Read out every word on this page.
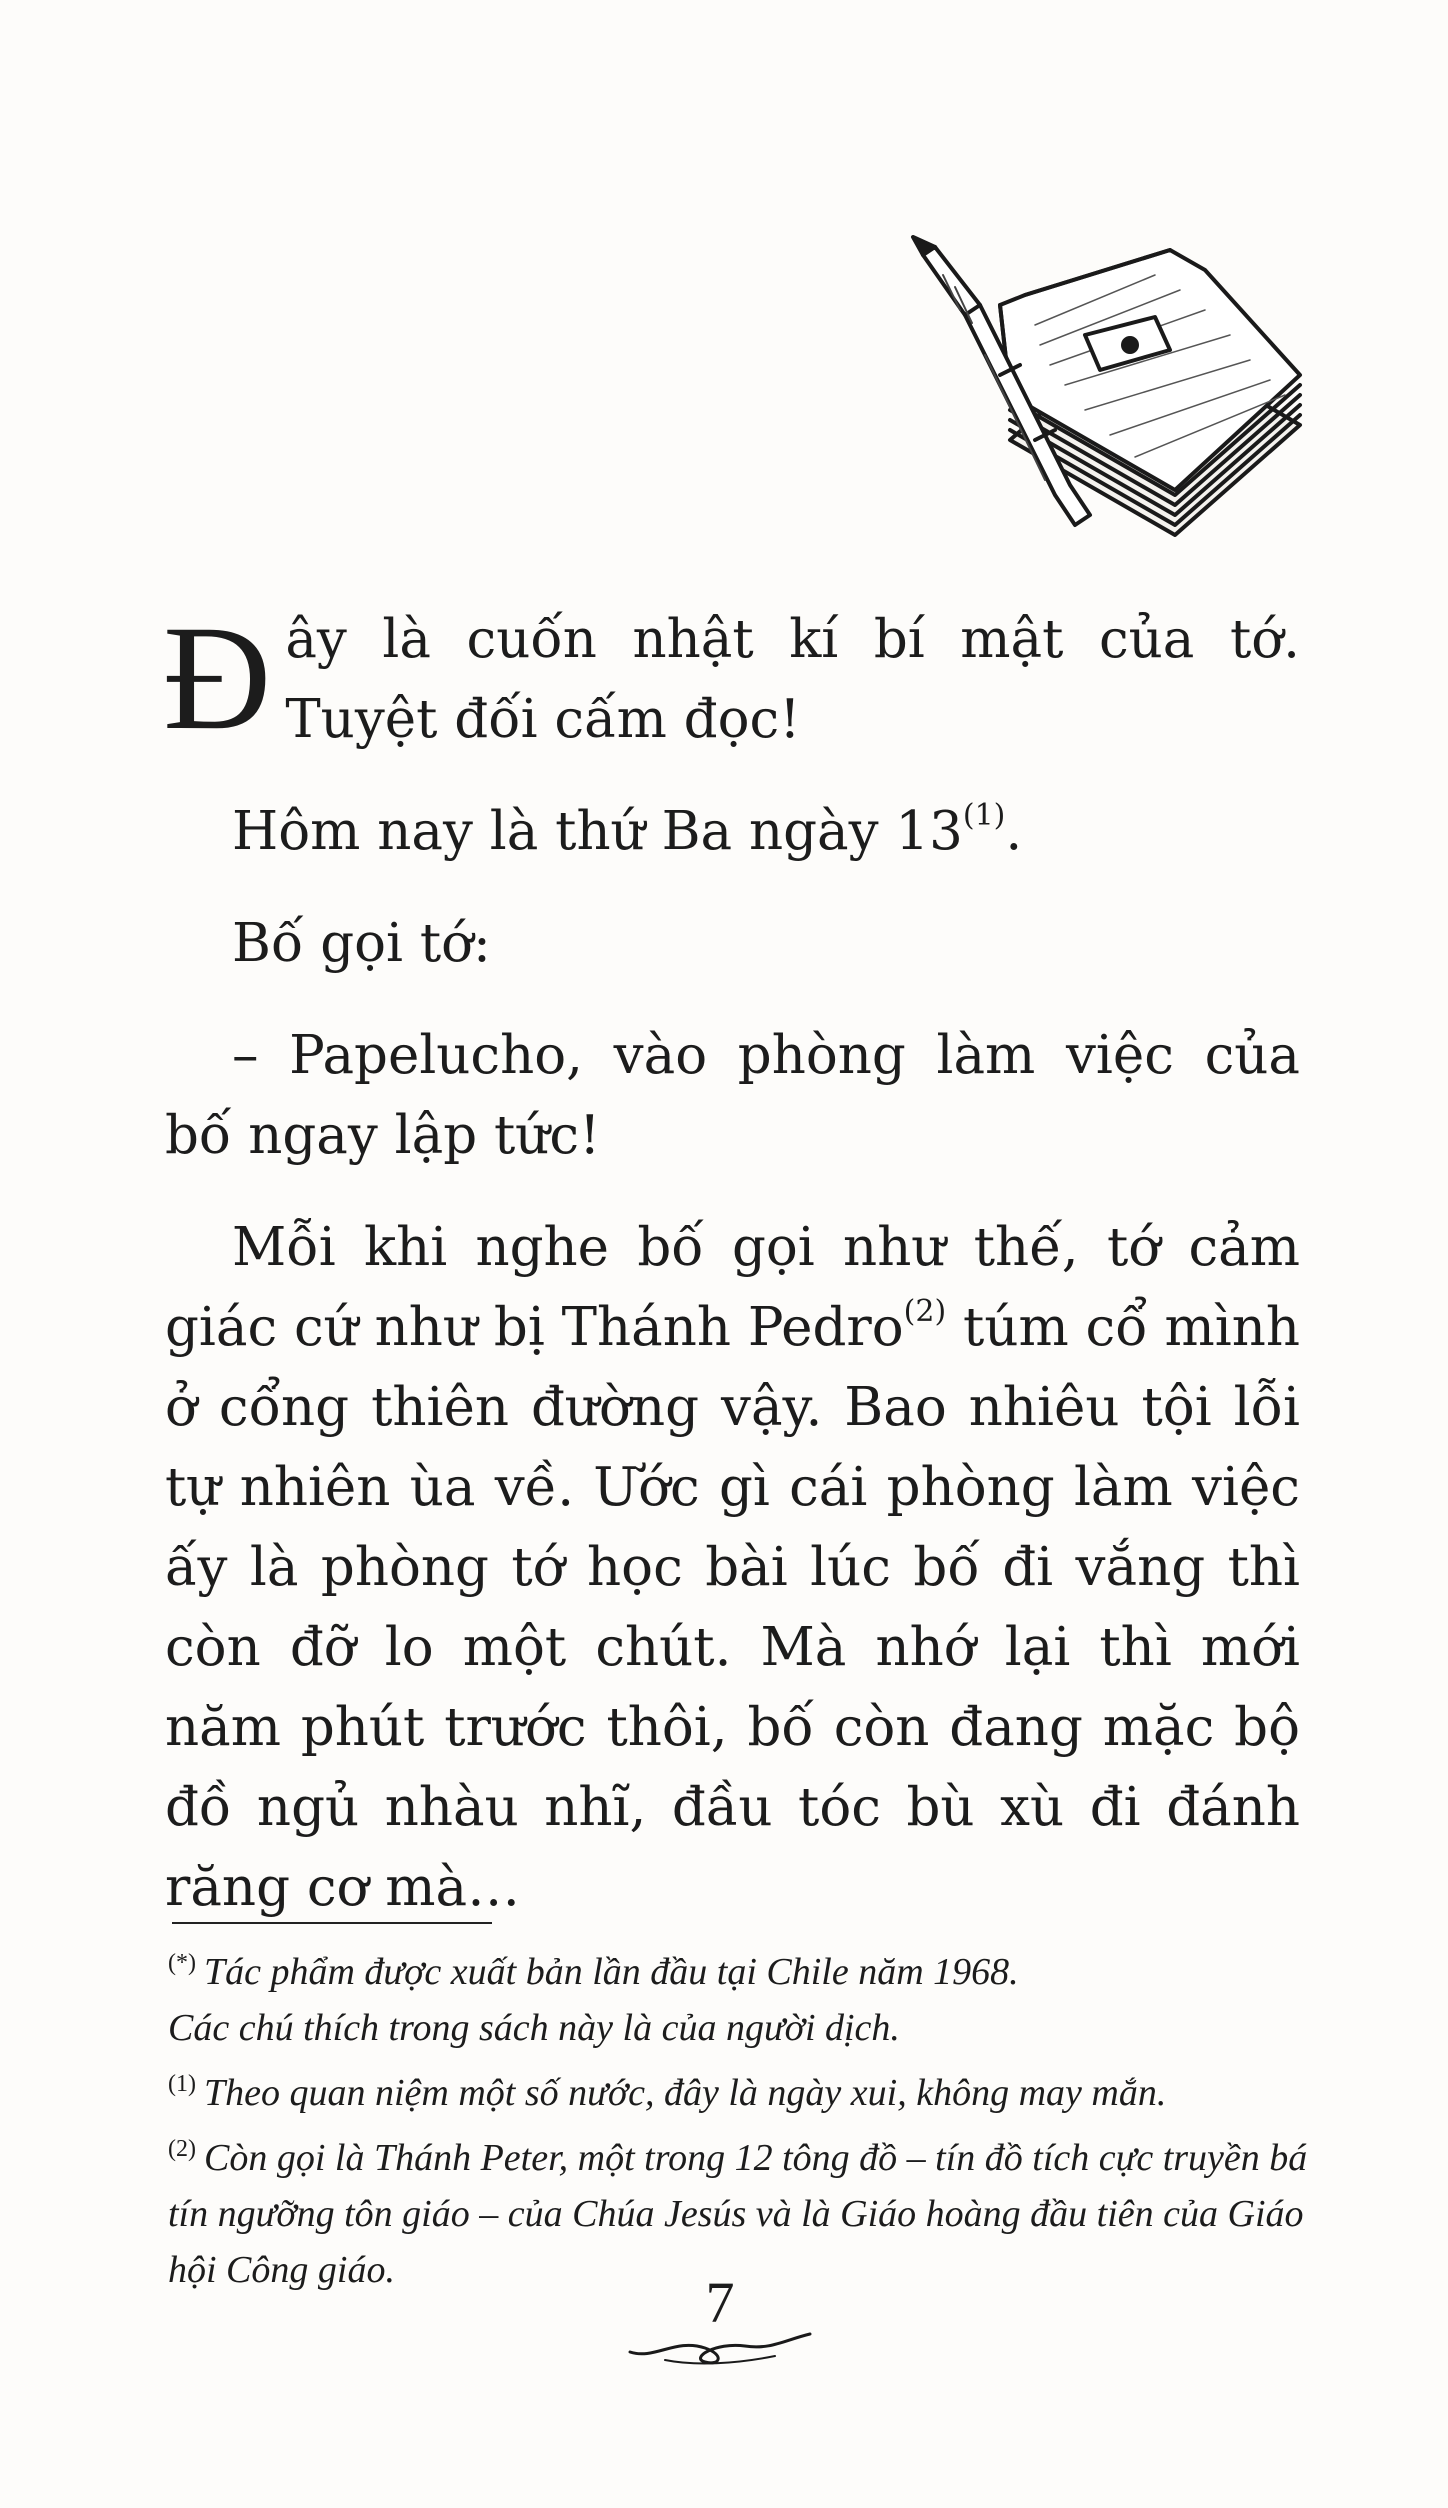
Đây là cuốn nhật kí bí mật của tớ. Tuyệt đối cấm đọc!

Hôm nay là thứ Ba ngày 13$^{(1)}$.

Bố gọi tớ:

– Papelucho, vào phòng làm việc của bố ngay lập tức!

Mỗi khi nghe bố gọi như thế, tớ cảm giác cứ như bị Thánh Pedro$^{(2)}$ túm cổ mình ở cổng thiên đường vậy. Bao nhiêu tội lỗi tự nhiên ùa về. Ước gì cái phòng làm việc ấy là phòng tớ học bài lúc bố đi vắng thì còn đỡ lo một chút. Mà nhớ lại thì mới năm phút trước thôi, bố còn đang mặc bộ đồ ngủ nhàu nhĩ, đầu tóc bù xù đi đánh răng cơ mà…

(*) Tác phẩm được xuất bản lần đầu tại Chile năm 1968.

Các chú thích trong sách này là của người dịch.

$^{(1)}$ Theo quan niệm một số nước, đây là ngày xui, không may mắn.

$^{(2)}$ Còn gọi là Thánh Peter, một trong 12 tông đồ – tín đồ tích cực truyền bá tín ngưỡng tôn giáo – của Chúa Jesús và là Giáo hoàng đầu tiên của Giáo hội Công giáo.	7
